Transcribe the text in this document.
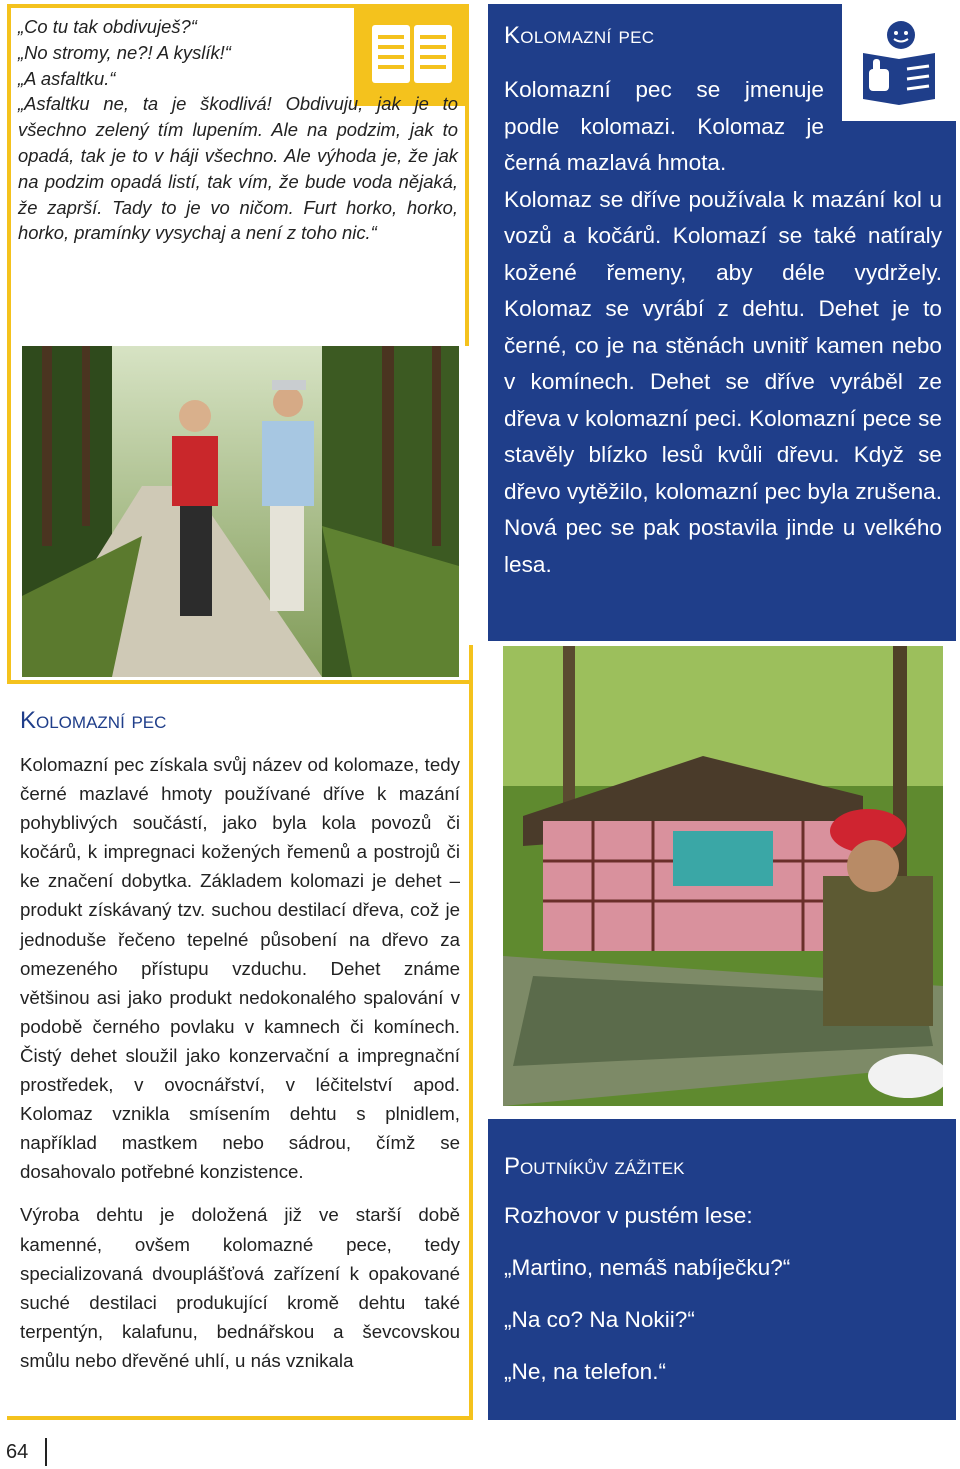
„Co tu tak obdivuješ?“

„No stromy, ne?! A kyslík!“

„A asfaltku.“

„Asfaltku ne, ta je škodlivá! Obdivuju, jak je to všechno zelený tím lupením. Ale na podzim, jak to opadá, tak je to v háji všechno. Ale výhoda je, že jak na podzim opadá listí, tak vím, že bude voda nějaká, že zaprší. Tady to je vo ničom. Furt horko, horko, horko, pramínky vysychaj a není z toho nic.“

Kolomazní pec
Kolomazní pec se jmenuje podle kolomazi. Kolomaz je černá mazlavá hmota.
Kolomaz se dříve používala k mazání kol u vozů a kočárů. Kolomazí se také natíraly kožené řemeny, aby déle vydržely. Kolomaz se vyrábí z dehtu. Dehet je to černé, co je na stěnách uvnitř kamen nebo v komínech. Dehet se dříve vyráběl ze dřeva v kolomazní peci. Kolomazní pece se stavěly blízko lesů kvůli dřevu. Když se dřevo vytěžilo, kolomazní pec byla zrušena. Nová pec se pak postavila jinde u velkého lesa.
Kolomazní pec

Kolomazní pec získala svůj název od kolomaze, tedy černé mazlavé hmoty používané dříve k mazání pohyblivých součástí, jako byla kola povozů či kočárů, k impregnaci kožených řemenů a postrojů či ke značení dobytka. Základem kolomazi je dehet – produkt získávaný tzv. suchou destilací dřeva, což je jednoduše řečeno tepelné působení na dřevo za omezeného přístupu vzduchu. Dehet známe většinou asi jako produkt nedokonalého spalování v podobě černého povlaku v kamnech či komínech. Čistý dehet sloužil jako konzervační a impregnační prostředek, v ovocnářství, v léčitelství apod. Kolomaz vznikla smísením dehtu s plnidlem, například mastkem nebo sádrou, čímž se dosahovalo potřebné konzistence.

Výroba dehtu je doložená již ve starší době kamenné, ovšem kolomazné pece, tedy specializovaná dvouplášťová zařízení k opakované suché destilaci produkující kromě dehtu také terpentýn, kalafunu, bednářskou a ševcovskou smůlu nebo dřevěné uhlí, u nás vznikala

Poutníkův zážitek

Rozhovor v pustém lese:

„Martino, nemáš nabíječku?“

„Na co? Na Nokii?“

„Ne, na telefon.“

64
